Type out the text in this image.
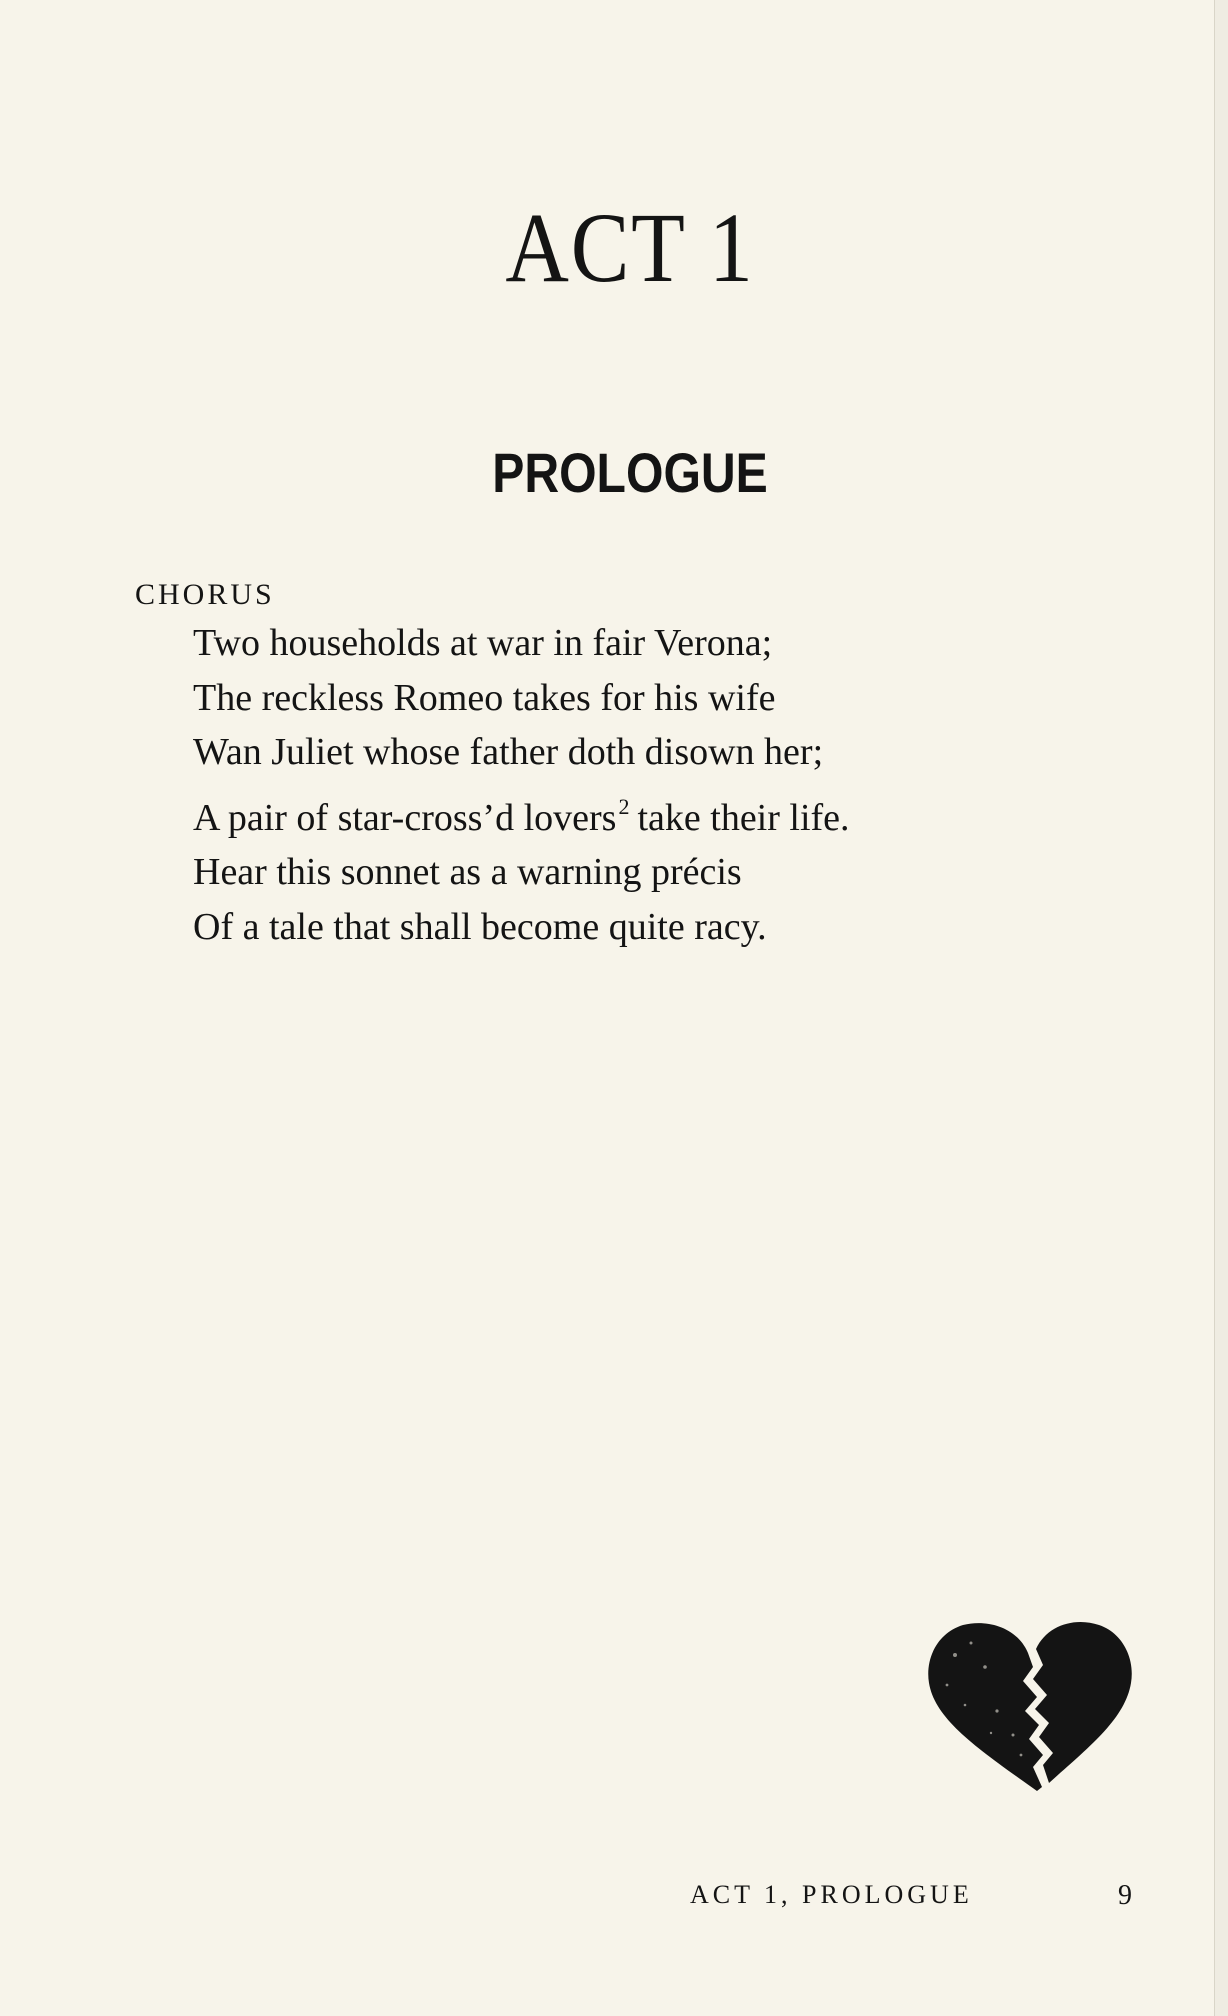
ACT 1
PROLOGUE

CHORUS

Two households at war in fair Verona;
The reckless Romeo takes for his wife
Wan Juliet whose father doth disown her;
A pair of star-cross’d lovers$^2$ take their life.
Hear this sonnet as a warning précis
Of a tale that shall become quite racy.

ACT 1, PROLOGUE	9
